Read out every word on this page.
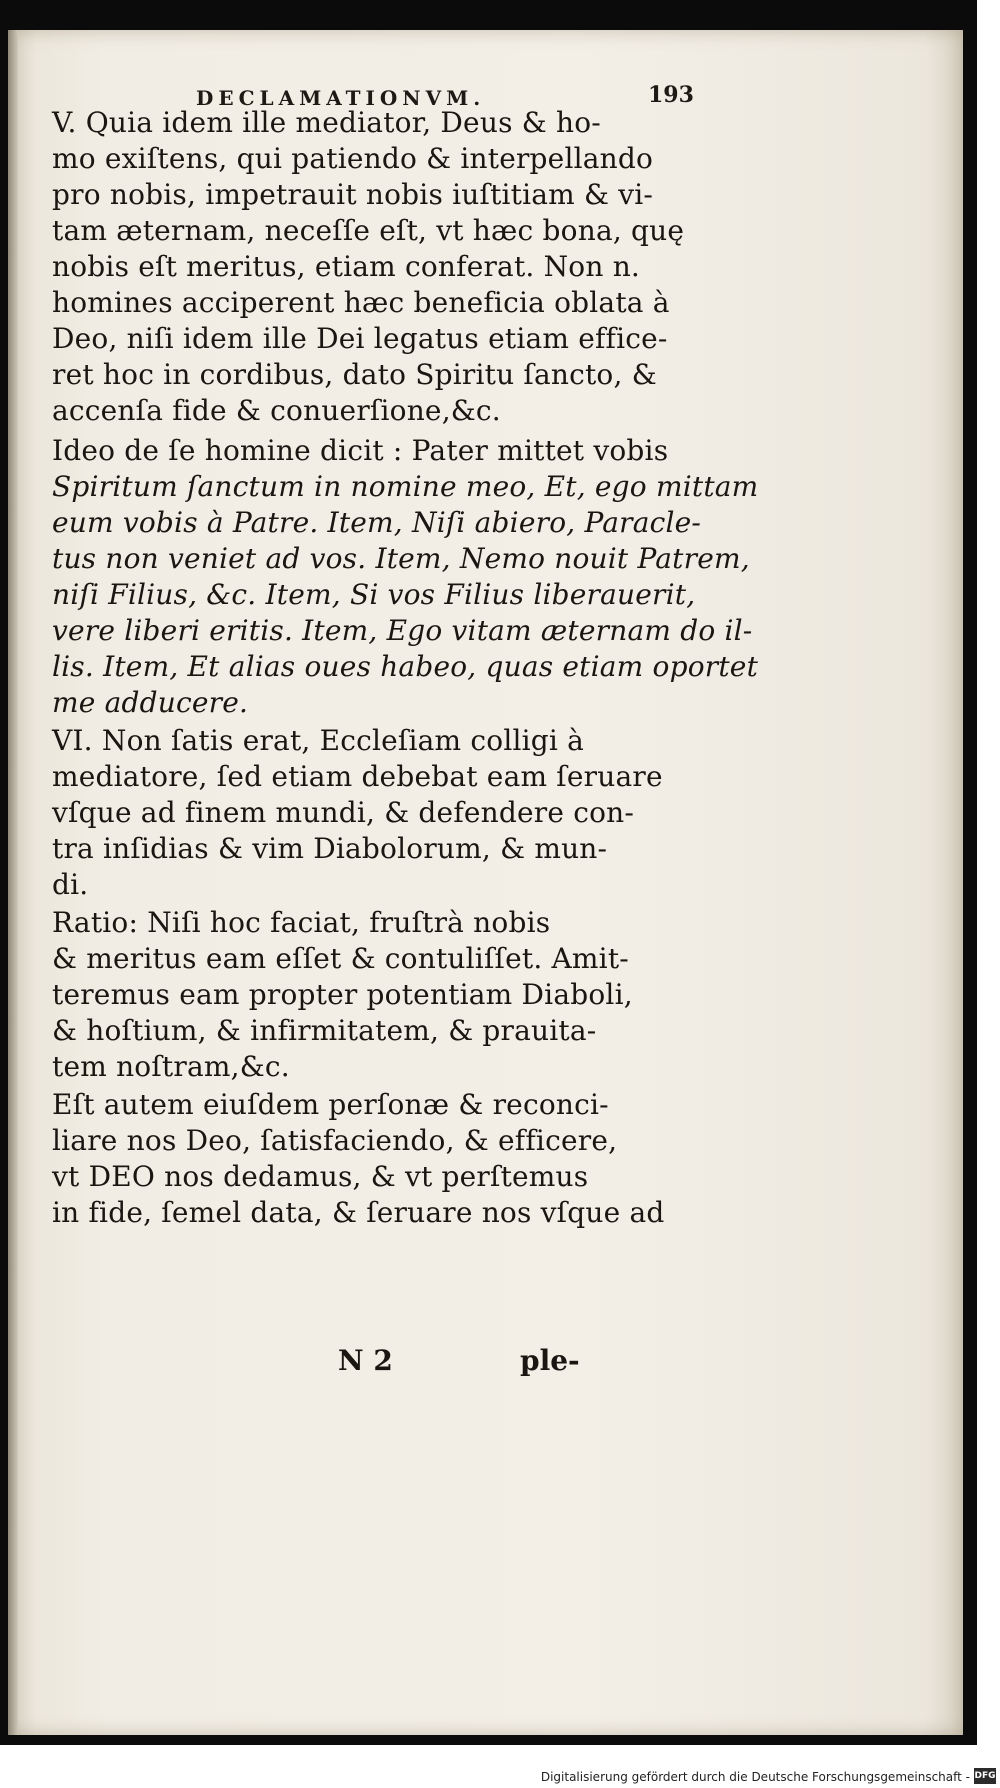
DECLAMATIONVM.	193
V. Quia idem ille mediator, Deus & ho-
mo exiſtens, qui patiendo & interpellando
pro nobis, impetrauit nobis iuſtitiam & vi-
tam æternam, neceſſe eſt, vt hæc bona, quę
nobis eſt meritus, etiam conferat. Non n.
homines acciperent hæc beneficia oblata à
Deo, niſi idem ille Dei legatus etiam effice-
ret hoc in cordibus, dato Spiritu ſancto, &
accenſa fide & conuerſione,&c.
Ideo de ſe homine dicit : Pater mittet vobis
Spiritum ſanctum in nomine meo, Et, ego mittam
eum vobis à Patre. Item, Niſi abiero, Paracle-
tus non veniet ad vos. Item, Nemo nouit Patrem,
niſi Filius, &c. Item, Si vos Filius liberauerit,
vere liberi eritis. Item, Ego vitam æternam do il-
lis. Item, Et alias oues habeo, quas etiam oportet
me adducere.
VI. Non ſatis erat, Eccleſiam colligi à
mediatore, ſed etiam debebat eam ſeruare
vſque ad finem mundi, & defendere con-
tra inſidias & vim Diabolorum, & mun-
di.
Ratio: Niſi hoc faciat, fruſtrà nobis
& meritus eam eſſet & contuliſſet. Amit-
teremus eam propter potentiam Diaboli,
& hoſtium, & infirmitatem, & prauita-
tem noſtram,&c.
Eſt autem eiuſdem perſonæ & reconci-
liare nos Deo, ſatisfaciendo, & efficere,
vt DEO nos dedamus, & vt perſtemus
in fide, ſemel data, & ſeruare nos vſque ad
N 2	ple-
Digitalisierung gefördert durch die Deutsche Forschungsgemeinschaft - DFG
